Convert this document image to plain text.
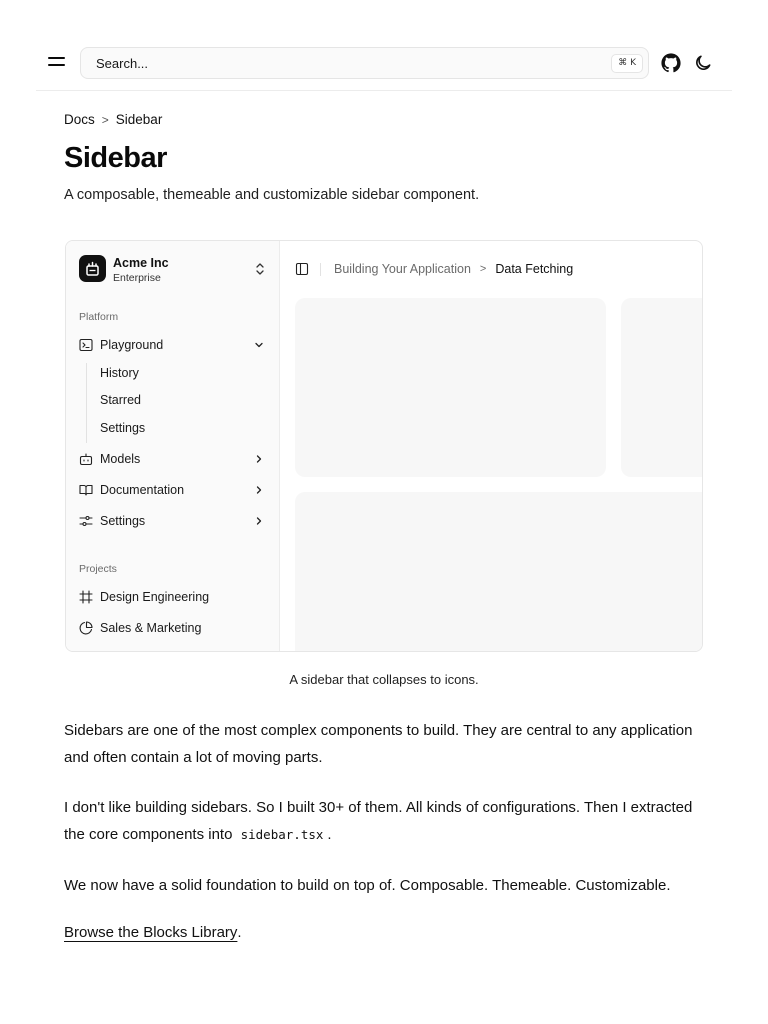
Search...	⌘ K
Docs > Sidebar
Sidebar

A composable, themeable and customizable sidebar component.

Acme Inc
Enterprise
Platform
Playground
History
Starred
Settings
Models
Documentation
Settings
Projects
Design Engineering
Sales & Marketing
Building Your Application > Data Fetching

A sidebar that collapses to icons.

Sidebars are one of the most complex components to build. They are central to any application and often contain a lot of moving parts.

I don't like building sidebars. So I built 30+ of them. All kinds of configurations. Then I extracted the core components into sidebar.tsx .

We now have a solid foundation to build on top of. Composable. Themeable. Customizable.

Browse the Blocks Library.
